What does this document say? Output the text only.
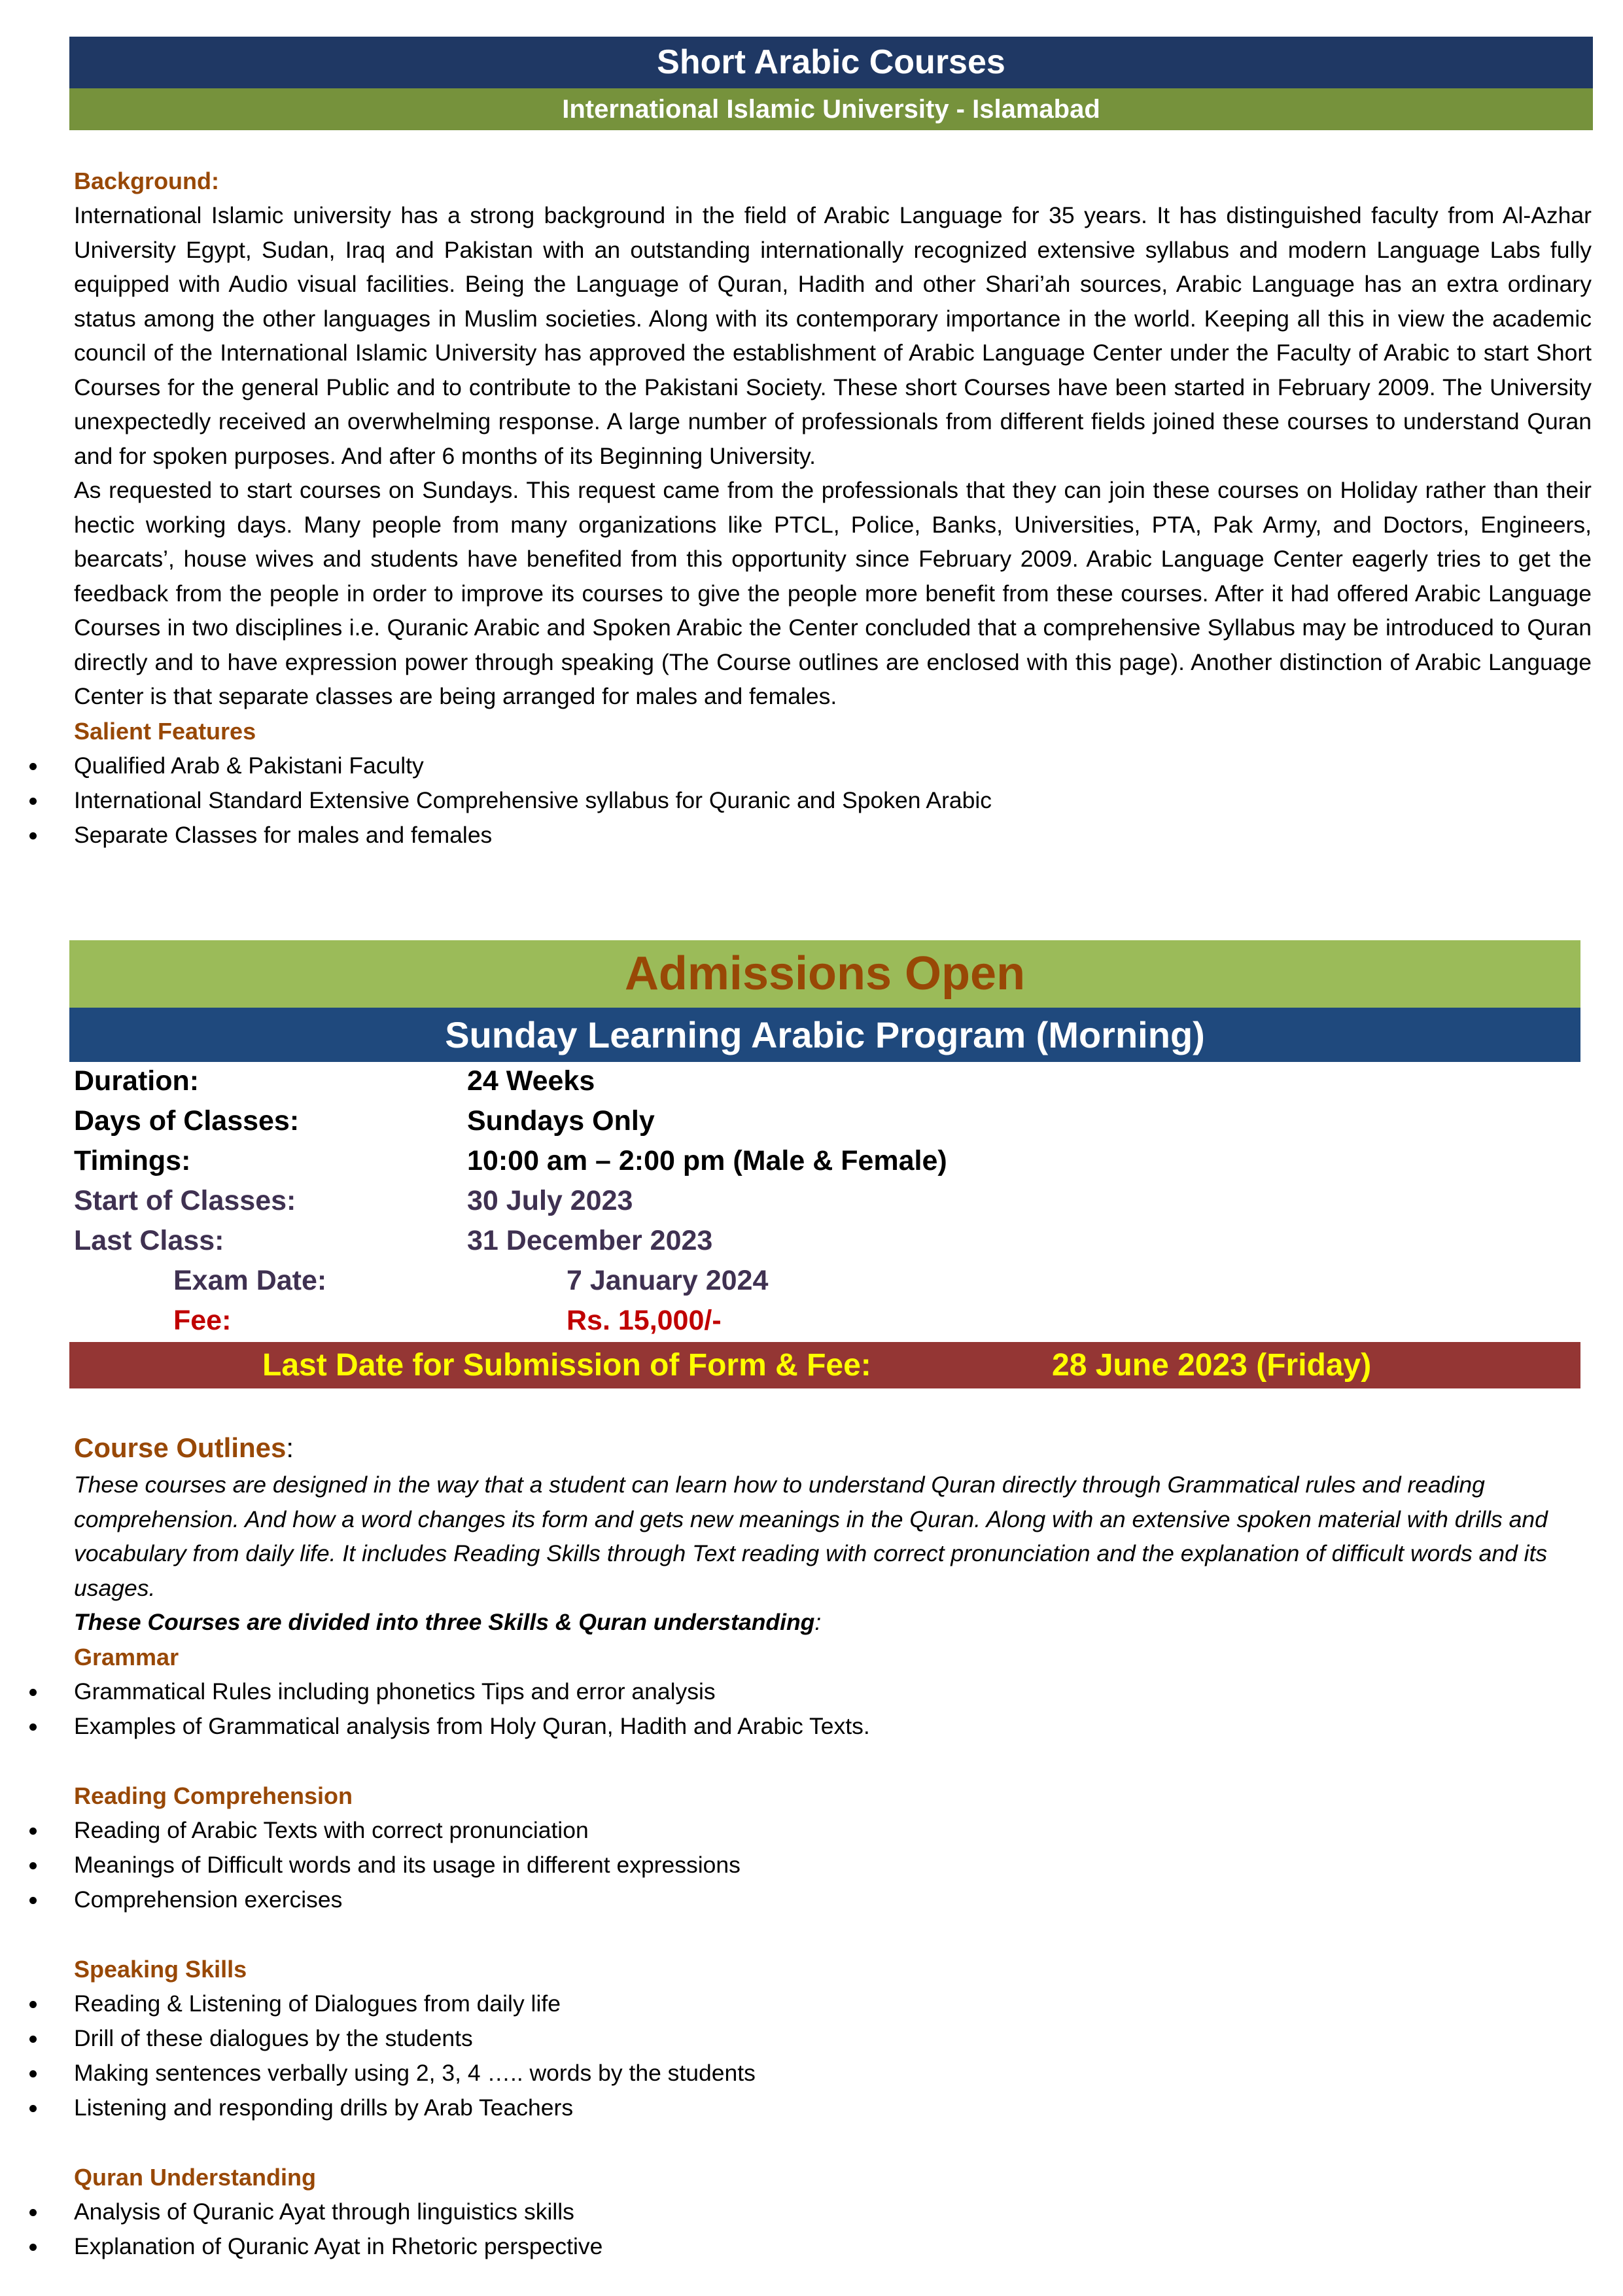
Short Arabic Courses
International Islamic University - Islamabad
Background:

International Islamic university has a strong background in the field of Arabic Language for 35 years. It has distinguished faculty from Al-Azhar University Egypt, Sudan, Iraq and Pakistan with an outstanding internationally recognized extensive syllabus and modern Language Labs fully equipped with Audio visual facilities. Being the Language of Quran, Hadith and other Shari’ah sources, Arabic Language has an extra ordinary status among the other languages in Muslim societies. Along with its contemporary importance in the world. Keeping all this in view the academic council of the International Islamic University has approved the establishment of Arabic Language Center under the Faculty of Arabic to start Short Courses for the general Public and to contribute to the Pakistani Society. These short Courses have been started in February 2009. The University unexpectedly received an overwhelming response. A large number of professionals from different fields joined these courses to understand Quran and for spoken purposes. And after 6 months of its Beginning University.

As requested to start courses on Sundays. This request came from the professionals that they can join these courses on Holiday rather than their hectic working days. Many people from many organizations like PTCL, Police, Banks, Universities, PTA, Pak Army, and Doctors, Engineers, bearcats’, house wives and students have benefited from this opportunity since February 2009. Arabic Language Center eagerly tries to get the feedback from the people in order to improve its courses to give the people more benefit from these courses. After it had offered Arabic Language Courses in two disciplines i.e. Quranic Arabic and Spoken Arabic the Center concluded that a comprehensive Syllabus may be introduced to Quran directly and to have expression power through speaking (The Course outlines are enclosed with this page). Another distinction of Arabic Language Center is that separate classes are being arranged for males and females.

Salient Features
Qualified Arab & Pakistani Faculty
International Standard Extensive Comprehensive syllabus for Quranic and Spoken Arabic
Separate Classes for males and females
Admissions Open
Sunday Learning Arabic Program (Morning)
Duration:	24 Weeks
Days of Classes:	Sundays Only
Timings:	10:00 am – 2:00 pm (Male & Female)
Start of Classes:	30 July 2023
Last Class:	31 December 2023
Exam Date:	7 January 2024
Fee:	Rs. 15,000/-
Last Date for Submission of Form & Fee:	28 June 2023 (Friday)
Course Outlines:
These courses are designed in the way that a student can learn how to understand Quran directly through Grammatical rules and reading comprehension. And how a word changes its form and gets new meanings in the Quran. Along with an extensive spoken material with drills and vocabulary from daily life. It includes Reading Skills through Text reading with correct pronunciation and the explanation of difficult words and its usages.
These Courses are divided into three Skills & Quran understanding:
Grammar
Grammatical Rules including phonetics Tips and error analysis
Examples of Grammatical analysis from Holy Quran, Hadith and Arabic Texts.
Reading Comprehension
Reading of Arabic Texts with correct pronunciation
Meanings of Difficult words and its usage in different expressions
Comprehension exercises
Speaking Skills
Reading & Listening of Dialogues from daily life
Drill of these dialogues by the students
Making sentences verbally using 2, 3, 4 ….. words by the students
Listening and responding drills by Arab Teachers
Quran Understanding
Analysis of Quranic Ayat through linguistics skills
Explanation of Quranic Ayat in Rhetoric perspective
